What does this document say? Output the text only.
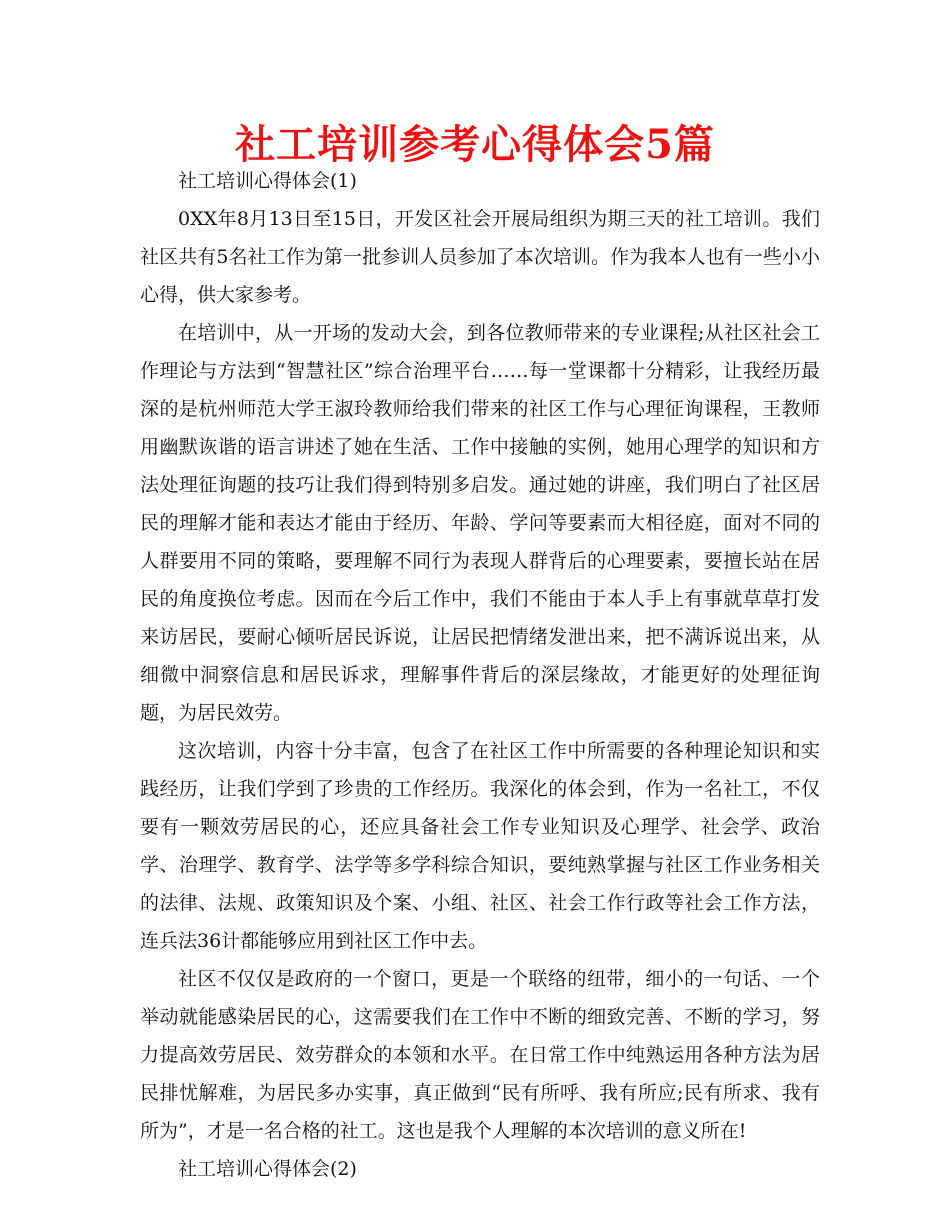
社工培训参考心得体会5篇

社工培训心得体会(1)

0XX年8月13日至15日，开发区社会开展局组织为期三天的社工培训。我们社区共有5名社工作为第一批参训人员参加了本次培训。作为我本人也有一些小小心得，供大家参考。

在培训中，从一开场的发动大会，到各位教师带来的专业课程;从社区社会工作理论与方法到“智慧社区”综合治理平台……每一堂课都十分精彩，让我经历最深的是杭州师范大学王淑玲教师给我们带来的社区工作与心理征询课程，王教师用幽默诙谐的语言讲述了她在生活、工作中接触的实例，她用心理学的知识和方法处理征询题的技巧让我们得到特别多启发。通过她的讲座，我们明白了社区居民的理解才能和表达才能由于经历、年龄、学问等要素而大相径庭，面对不同的人群要用不同的策略，要理解不同行为表现人群背后的心理要素，要擅长站在居民的角度换位考虑。因而在今后工作中，我们不能由于本人手上有事就草草打发来访居民，要耐心倾听居民诉说，让居民把情绪发泄出来，把不满诉说出来，从细微中洞察信息和居民诉求，理解事件背后的深层缘故，才能更好的处理征询题，为居民效劳。

这次培训，内容十分丰富，包含了在社区工作中所需要的各种理论知识和实践经历，让我们学到了珍贵的工作经历。我深化的体会到，作为一名社工，不仅要有一颗效劳居民的心，还应具备社会工作专业知识及心理学、社会学、政治学、治理学、教育学、法学等多学科综合知识，要纯熟掌握与社区工作业务相关的法律、法规、政策知识及个案、小组、社区、社会工作行政等社会工作方法，连兵法36计都能够应用到社区工作中去。

社区不仅仅是政府的一个窗口，更是一个联络的纽带，细小的一句话、一个举动就能感染居民的心，这需要我们在工作中不断的细致完善、不断的学习，努力提高效劳居民、效劳群众的本领和水平。在日常工作中纯熟运用各种方法为居民排忧解难，为居民多办实事，真正做到“民有所呼、我有所应;民有所求、我有所为”，才是一名合格的社工。这也是我个人理解的本次培训的意义所在!

社工培训心得体会(2)
